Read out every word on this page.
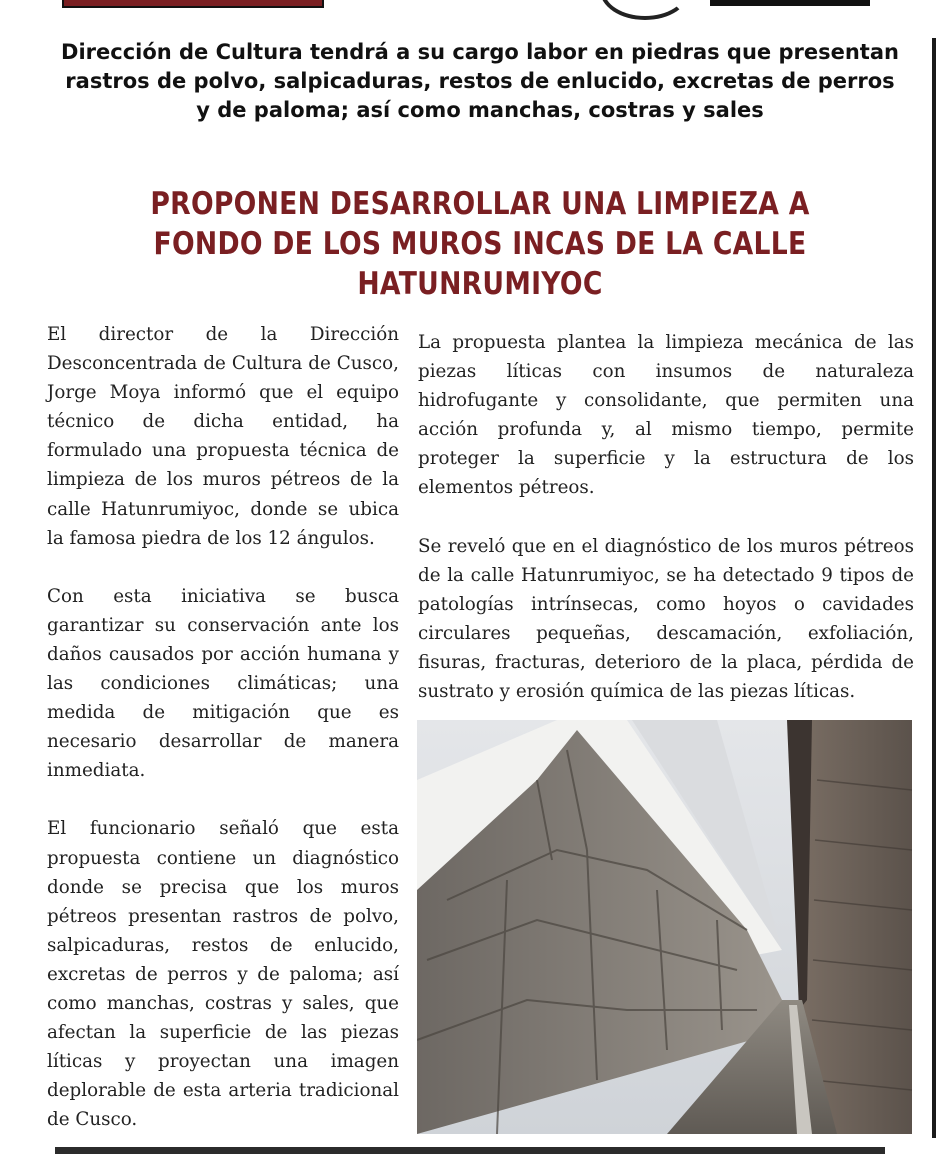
Dirección de Cultura tendrá a su cargo labor en piedras que presentan rastros de polvo, salpicaduras, restos de enlucido, excretas de perros y de paloma; así como manchas, costras y sales
PROPONEN DESARROLLAR UNA LIMPIEZA A FONDO DE LOS MUROS INCAS DE LA CALLE HATUNRUMIYOC

El director de la Dirección Desconcentrada de Cultura de Cusco, Jorge Moya informó que el equipo técnico de dicha entidad, ha formulado una propuesta técnica de limpieza de los muros pétreos de la calle Hatunrumiyoc, donde se ubica la famosa piedra de los 12 ángulos.

Con esta iniciativa se busca garantizar su conservación ante los daños causados por acción humana y las condiciones climáticas; una medida de mitigación que es necesario desarrollar de manera inmediata.

El funcionario señaló que esta propuesta contiene un diagnóstico donde se precisa que los muros pétreos presentan rastros de polvo, salpicaduras, restos de enlucido, excretas de perros y de paloma; así como manchas, costras y sales, que afectan la superficie de las piezas líticas y proyectan una imagen deplorable de esta arteria tradicional de Cusco.

La propuesta plantea la limpieza mecánica de las piezas líticas con insumos de naturaleza hidrofugante y consolidante, que permiten una acción profunda y, al mismo tiempo, permite proteger la superficie y la estructura de los elementos pétreos.

Se reveló que en el diagnóstico de los muros pétreos de la calle Hatunrumiyoc, se ha detectado 9 tipos de patologías intrínsecas, como hoyos o cavidades circulares pequeñas, descamación, exfoliación, fisuras, fracturas, deterioro de la placa, pérdida de sustrato y erosión química de las piezas líticas.
